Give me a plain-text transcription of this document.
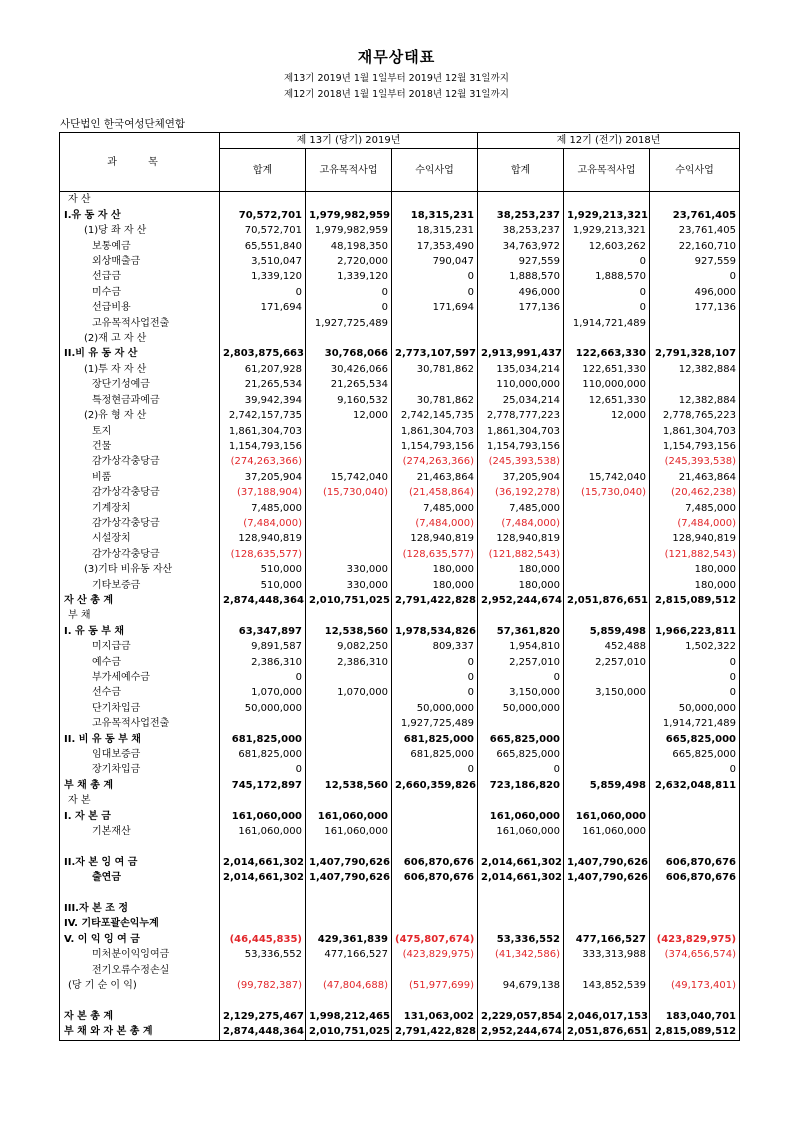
재무상태표
제13기 2019년 1월 1일부터 2019년 12월 31일까지
제12기 2018년 1월 1일부터 2018년 12월 31일까지
사단법인 한국여성단체연합
과 목	제 13기 (당기) 2019년			제 12기 (전기) 2018년		
	합계	고유목적사업	수익사업	합계	고유목적사업	수익사업
자 산						
I.유 동 자 산	70,572,701	1,979,982,959	18,315,231	38,253,237	1,929,213,321	23,761,405
(1)당 좌 자 산	70,572,701	1,979,982,959	18,315,231	38,253,237	1,929,213,321	23,761,405
보통예금	65,551,840	48,198,350	17,353,490	34,763,972	12,603,262	22,160,710
외상매출금	3,510,047	2,720,000	790,047	927,559	0	927,559
선급금	1,339,120	1,339,120	0	1,888,570	1,888,570	0
미수금	0	0	0	496,000	0	496,000
선급비용	171,694	0	171,694	177,136	0	177,136
고유목적사업전출		1,927,725,489			1,914,721,489	
(2)재 고 자 산						
II.비 유 동 자 산	2,803,875,663	30,768,066	2,773,107,597	2,913,991,437	122,663,330	2,791,328,107
(1)투 자 자 산	61,207,928	30,426,066	30,781,862	135,034,214	122,651,330	12,382,884
장단기성예금	21,265,534	21,265,534		110,000,000	110,000,000	
특정현금과예금	39,942,394	9,160,532	30,781,862	25,034,214	12,651,330	12,382,884
(2)유 형 자 산	2,742,157,735	12,000	2,742,145,735	2,778,777,223	12,000	2,778,765,223
토지	1,861,304,703		1,861,304,703	1,861,304,703		1,861,304,703
건물	1,154,793,156		1,154,793,156	1,154,793,156		1,154,793,156
감가상각충당금	(274,263,366)		(274,263,366)	(245,393,538)		(245,393,538)
비품	37,205,904	15,742,040	21,463,864	37,205,904	15,742,040	21,463,864
감가상각충당금	(37,188,904)	(15,730,040)	(21,458,864)	(36,192,278)	(15,730,040)	(20,462,238)
기계장치	7,485,000		7,485,000	7,485,000		7,485,000
감가상각충당금	(7,484,000)		(7,484,000)	(7,484,000)		(7,484,000)
시설장치	128,940,819		128,940,819	128,940,819		128,940,819
감가상각충당금	(128,635,577)		(128,635,577)	(121,882,543)		(121,882,543)
(3)기타 비유동 자산	510,000	330,000	180,000	180,000		180,000
기타보증금	510,000	330,000	180,000	180,000		180,000
자 산 총 계	2,874,448,364	2,010,751,025	2,791,422,828	2,952,244,674	2,051,876,651	2,815,089,512
부 채						
I. 유 동 부 채	63,347,897	12,538,560	1,978,534,826	57,361,820	5,859,498	1,966,223,811
미지급금	9,891,587	9,082,250	809,337	1,954,810	452,488	1,502,322
예수금	2,386,310	2,386,310	0	2,257,010	2,257,010	0
부가세예수금	0		0	0		0
선수금	1,070,000	1,070,000	0	3,150,000	3,150,000	0
단기차입금	50,000,000		50,000,000	50,000,000		50,000,000
고유목적사업전출			1,927,725,489			1,914,721,489
II. 비 유 동 부 채	681,825,000		681,825,000	665,825,000		665,825,000
임대보증금	681,825,000		681,825,000	665,825,000		665,825,000
장기차입금	0		0	0		0
부 채 총 계	745,172,897	12,538,560	2,660,359,826	723,186,820	5,859,498	2,632,048,811
자 본						
I. 자 본 금	161,060,000	161,060,000		161,060,000	161,060,000	
기본재산	161,060,000	161,060,000		161,060,000	161,060,000	

II.자 본 잉 여 금	2,014,661,302	1,407,790,626	606,870,676	2,014,661,302	1,407,790,626	606,870,676
출연금	2,014,661,302	1,407,790,626	606,870,676	2,014,661,302	1,407,790,626	606,870,676

III.자 본 조 정						
IV. 기타포괄손익누계						
V. 이 익 잉 여 금	(46,445,835)	429,361,839	(475,807,674)	53,336,552	477,166,527	(423,829,975)
미처분이익잉여금	53,336,552	477,166,527	(423,829,975)	(41,342,586)	333,313,988	(374,656,574)
전기오류수정손실						
(당 기 순 이 익)	(99,782,387)	(47,804,688)	(51,977,699)	94,679,138	143,852,539	(49,173,401)

자 본 총 계	2,129,275,467	1,998,212,465	131,063,002	2,229,057,854	2,046,017,153	183,040,701
부 채 와 자 본 총 계	2,874,448,364	2,010,751,025	2,791,422,828	2,952,244,674	2,051,876,651	2,815,089,512
